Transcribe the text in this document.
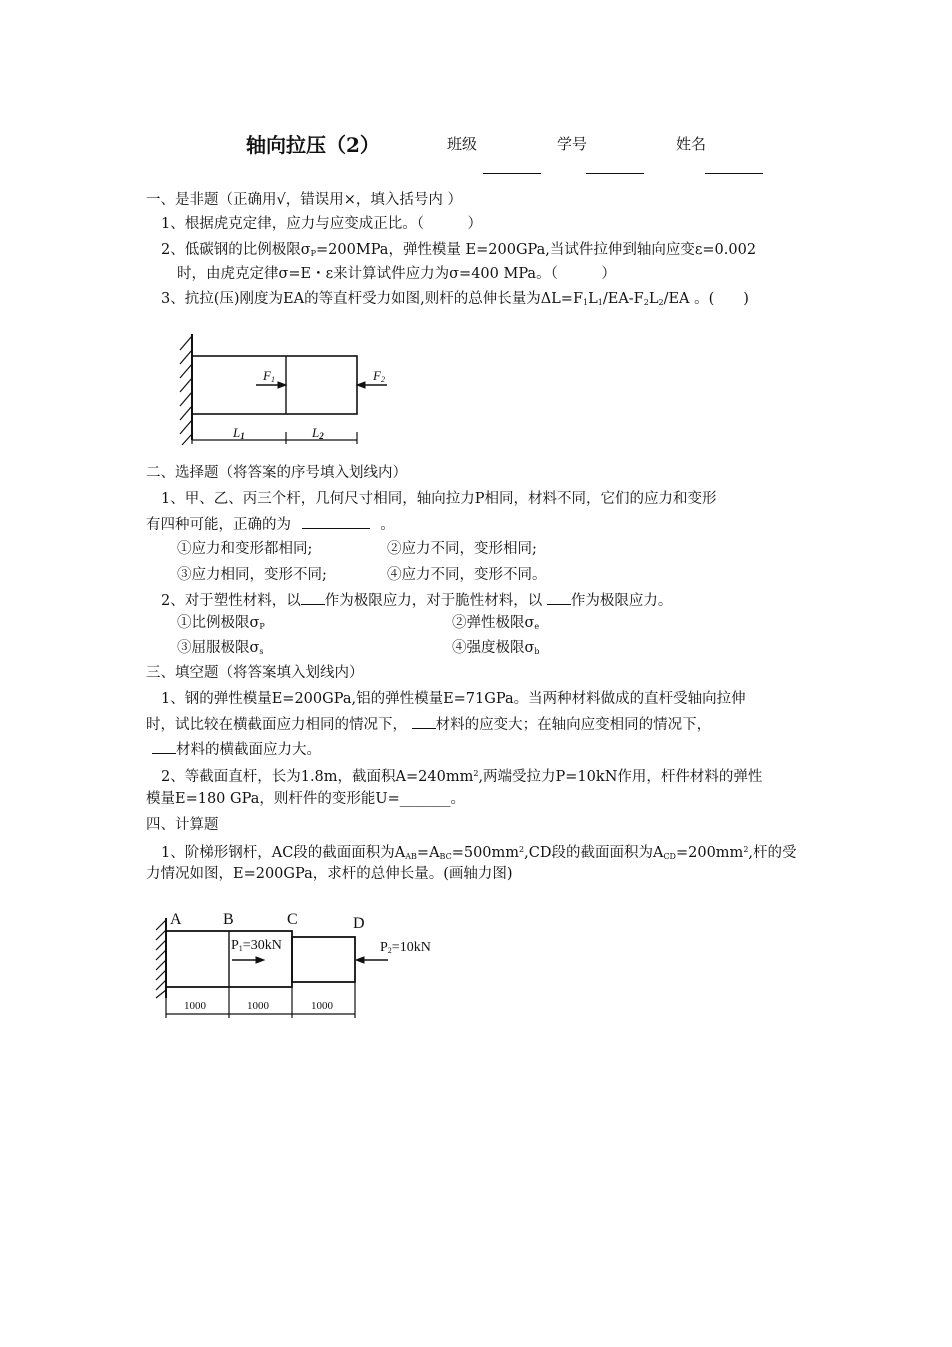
轴向拉压（2）	班级	学号	姓名
一、是非题（正确用√，错误用×，填入括号内 ）
1、根据虎克定律，应力与应变成正比。（　　　）
2、低碳钢的比例极限$\sigma_P=200MPa$，弹性模量 E=200GPa,当试件拉伸到轴向应变ε=0.002
时，由虎克定律σ=E・ε来计算试件应力为σ=400 MPa。（　　　）
3、抗拉(压)刚度为EA的等直杆受力如图,则杆的总伸长量为$\Delta L=F_1L_1/EA-F_2L_2/EA$ 。(　　)
F1	F2
L1	L2
二、选择题（将答案的序号填入划线内）
1、甲、乙、丙三个杆，几何尺寸相同，轴向拉力P相同，材料不同，它们的应力和变形
有四种可能，正确的为	。
①应力和变形都相同;	②应力不同，变形相同;
③应力相同，变形不同;	④应力不同，变形不同。
2、对于塑性材料，以 作为极限应力，对于脆性材料，以 作为极限应力。
①比例极限$\sigma_P$	②弹性极限$\sigma_e$
③屈服极限$\sigma_s$	④强度极限$\sigma_b$
三、填空题（将答案填入划线内）
1、钢的弹性模量E=200GPa,铝的弹性模量E=71GPa。当两种材料做成的直杆受轴向拉伸
时，试比较在横截面应力相同的情况下， 材料的应变大；在轴向应变相同的情况下，
材料的横截面应力大。
2、等截面直杆，长为1.8m，截面积$A=240mm^2$,两端受拉力P=10kN作用，杆件材料的弹性
模量E=180 GPa，则杆件的变形能U=_______。
四、计算题
1、阶梯形钢杆，AC段的截面面积为$A_{AB}=A_{BC}=500mm^2,CD$段的截面面积为$A_{CD}=200mm^2$,杆的受
力情况如图，E=200GPa，求杆的总伸长量。(画轴力图)
A	B	C	D
P1=30kN	P2=10kN
1000	1000	1000
